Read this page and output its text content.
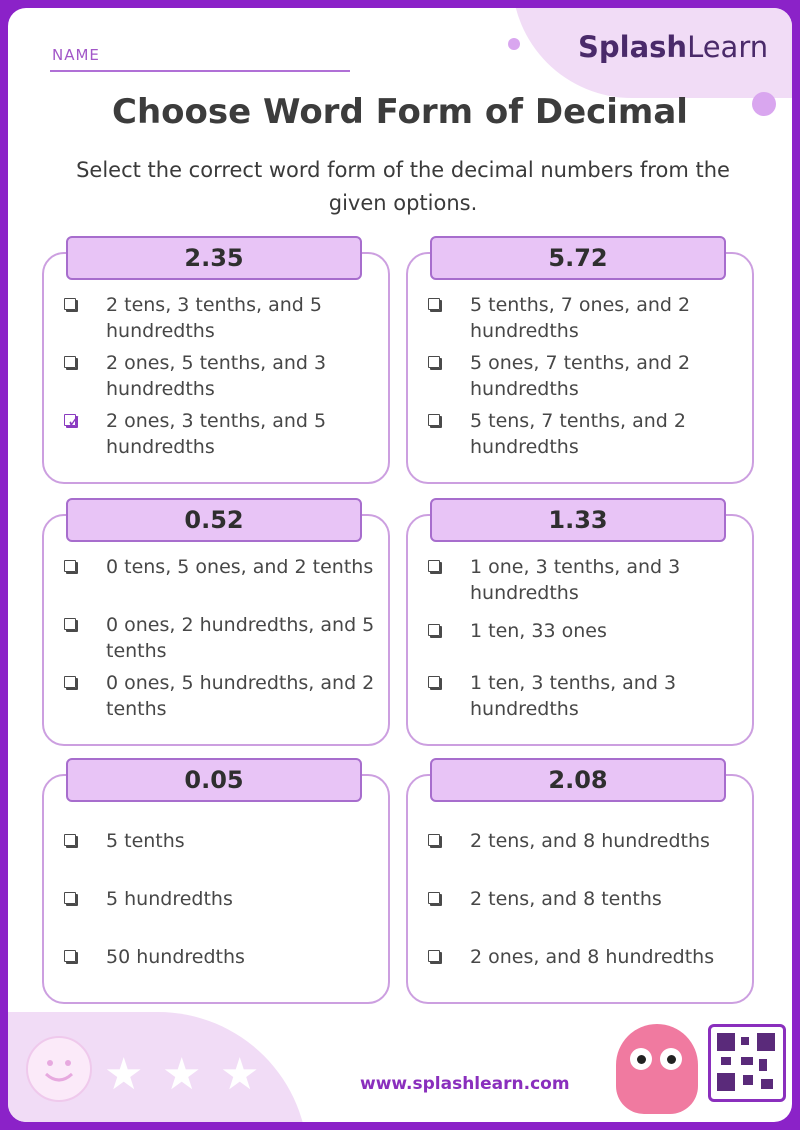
NAME	SplashLearn
Choose Word Form of Decimal
Select the correct word form of the decimal numbers from the given options.
2.35
2 tens, 3 tenths, and 5 hundredths
2 ones, 5 tenths, and 3 hundredths
✓ 2 ones, 3 tenths, and 5 hundredths
5.72
5 tenths, 7 ones, and 2 hundredths
5 ones, 7 tenths, and 2 hundredths
5 tens, 7 tenths, and 2 hundredths
0.52
0 tens, 5 ones, and 2 tenths
0 ones, 2 hundredths, and 5 tenths
0 ones, 5 hundredths, and 2 tenths
1.33
1 one, 3 tenths, and 3 hundredths
1 ten, 33 ones
1 ten, 3 tenths, and 3 hundredths
0.05
5 tenths
5 hundredths
50 hundredths
2.08
2 tens, and 8 hundredths
2 tens, and 8 tenths
2 ones, and 8 hundredths
★ ★ ★	www.splashlearn.com
